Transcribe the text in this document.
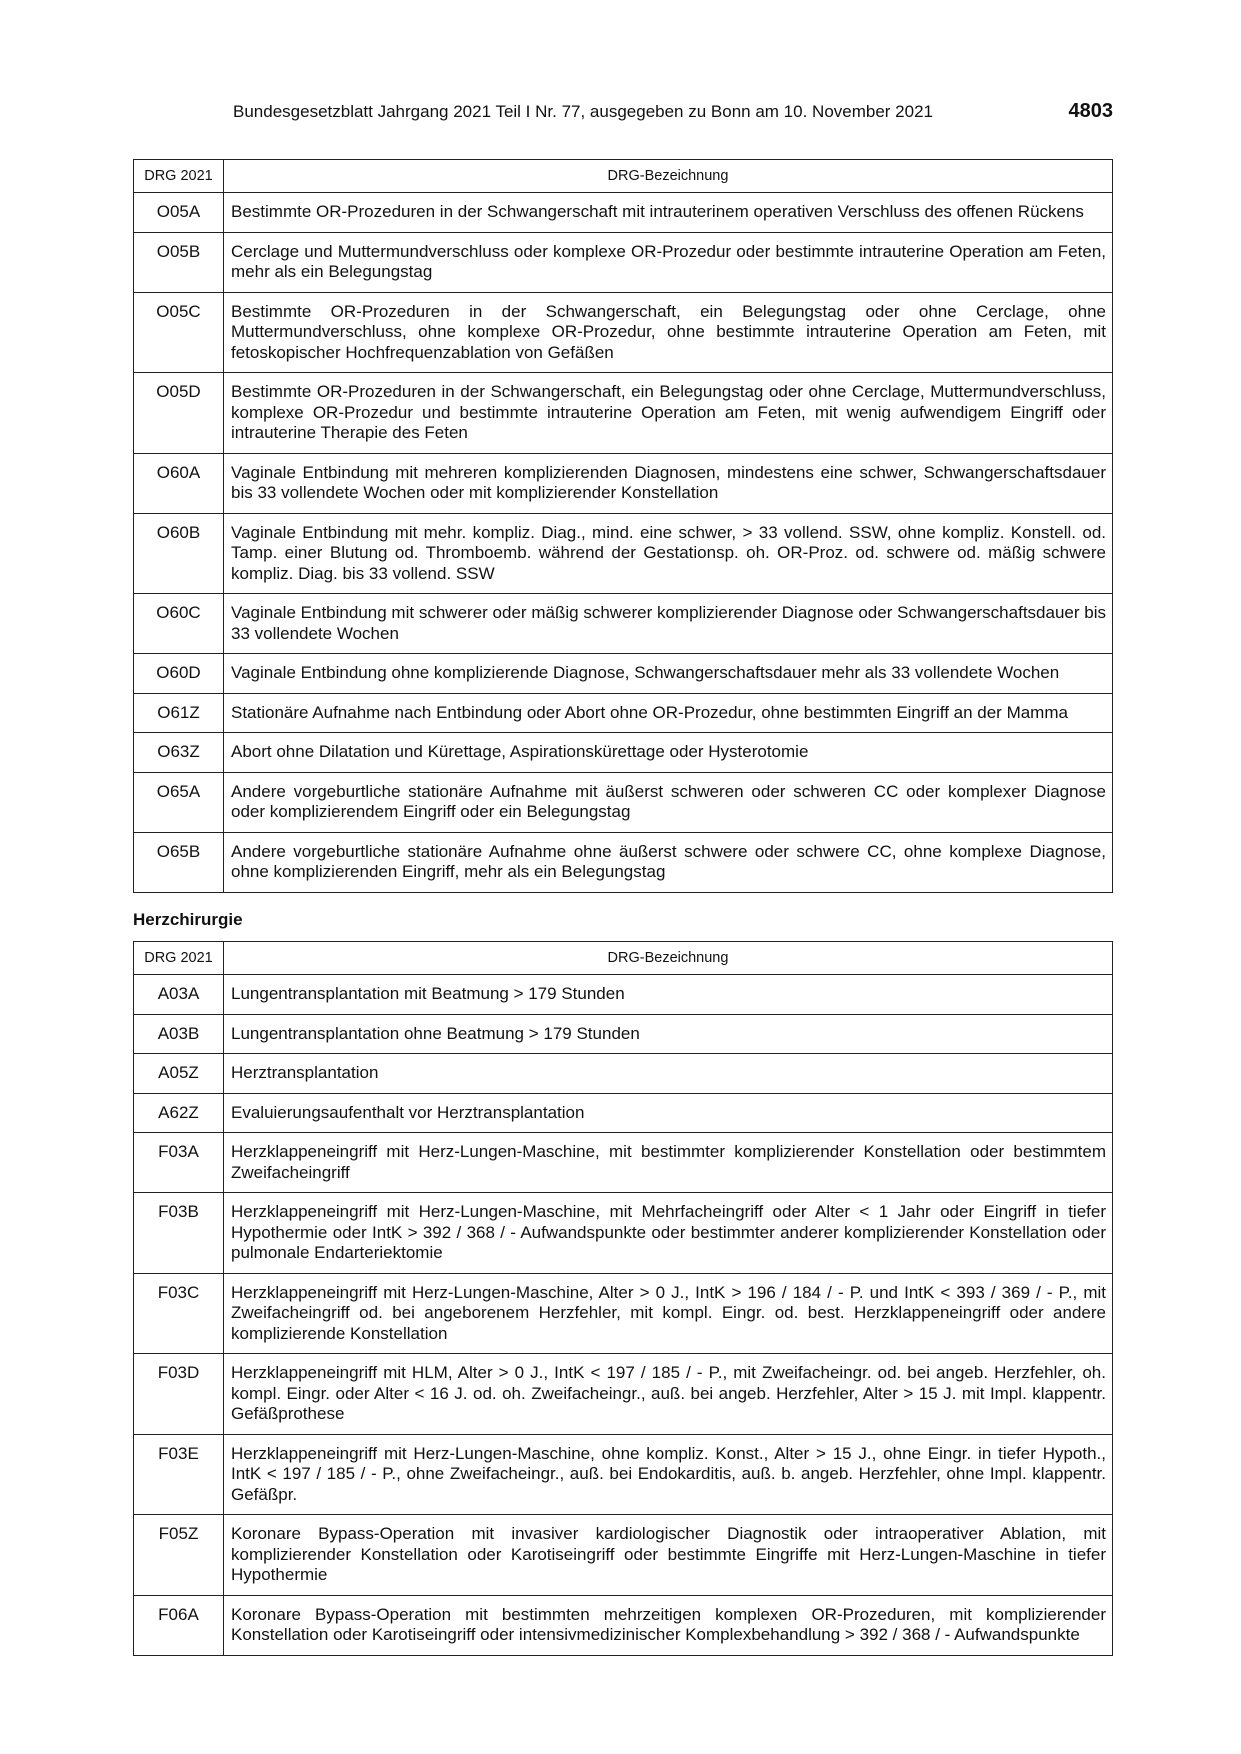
Bundesgesetzblatt Jahrgang 2021 Teil I Nr. 77, ausgegeben zu Bonn am 10. November 2021	4803
DRG 2021	DRG-Bezeichnung
O05A	Bestimmte OR-Prozeduren in der Schwangerschaft mit intrauterinem operativen Verschluss des offenen Rückens
O05B	Cerclage und Muttermundverschluss oder komplexe OR-Prozedur oder bestimmte intrauterine Operation am Feten, mehr als ein Belegungstag
O05C	Bestimmte OR-Prozeduren in der Schwangerschaft, ein Belegungstag oder ohne Cerclage, ohne Muttermundverschluss, ohne komplexe OR-Prozedur, ohne bestimmte intrauterine Operation am Feten, mit fetoskopischer Hochfrequenzablation von Gefäßen
O05D	Bestimmte OR-Prozeduren in der Schwangerschaft, ein Belegungstag oder ohne Cerclage, Muttermundverschluss, komplexe OR-Prozedur und bestimmte intrauterine Operation am Feten, mit wenig aufwendigem Eingriff oder intrauterine Therapie des Feten
O60A	Vaginale Entbindung mit mehreren komplizierenden Diagnosen, mindestens eine schwer, Schwangerschaftsdauer bis 33 vollendete Wochen oder mit komplizierender Konstellation
O60B	Vaginale Entbindung mit mehr. kompliz. Diag., mind. eine schwer, > 33 vollend. SSW, ohne kompliz. Konstell. od. Tamp. einer Blutung od. Thromboemb. während der Gestationsp. oh. OR-Proz. od. schwere od. mäßig schwere kompliz. Diag. bis 33 vollend. SSW
O60C	Vaginale Entbindung mit schwerer oder mäßig schwerer komplizierender Diagnose oder Schwangerschaftsdauer bis 33 vollendete Wochen
O60D	Vaginale Entbindung ohne komplizierende Diagnose, Schwangerschaftsdauer mehr als 33 vollendete Wochen
O61Z	Stationäre Aufnahme nach Entbindung oder Abort ohne OR-Prozedur, ohne bestimmten Eingriff an der Mamma
O63Z	Abort ohne Dilatation und Kürettage, Aspirationskürettage oder Hysterotomie
O65A	Andere vorgeburtliche stationäre Aufnahme mit äußerst schweren oder schweren CC oder komplexer Diagnose oder komplizierendem Eingriff oder ein Belegungstag
O65B	Andere vorgeburtliche stationäre Aufnahme ohne äußerst schwere oder schwere CC, ohne komplexe Diagnose, ohne komplizierenden Eingriff, mehr als ein Belegungstag
Herzchirurgie
DRG 2021	DRG-Bezeichnung
A03A	Lungentransplantation mit Beatmung > 179 Stunden
A03B	Lungentransplantation ohne Beatmung > 179 Stunden
A05Z	Herztransplantation
A62Z	Evaluierungsaufenthalt vor Herztransplantation
F03A	Herzklappeneingriff mit Herz-Lungen-Maschine, mit bestimmter komplizierender Konstellation oder bestimmtem Zweifacheingriff
F03B	Herzklappeneingriff mit Herz-Lungen-Maschine, mit Mehrfacheingriff oder Alter < 1 Jahr oder Eingriff in tiefer Hypothermie oder IntK > 392 / 368 / - Aufwandspunkte oder bestimmter anderer komplizierender Konstellation oder pulmonale Endarteriektomie
F03C	Herzklappeneingriff mit Herz-Lungen-Maschine, Alter > 0 J., IntK > 196 / 184 / - P. und IntK < 393 / 369 / - P., mit Zweifacheingriff od. bei angeborenem Herzfehler, mit kompl. Eingr. od. best. Herzklappeneingriff oder andere komplizierende Konstellation
F03D	Herzklappeneingriff mit HLM, Alter > 0 J., IntK < 197 / 185 / - P., mit Zweifacheingr. od. bei angeb. Herzfehler, oh. kompl. Eingr. oder Alter < 16 J. od. oh. Zweifacheingr., auß. bei angeb. Herzfehler, Alter > 15 J. mit Impl. klappentr. Gefäßprothese
F03E	Herzklappeneingriff mit Herz-Lungen-Maschine, ohne kompliz. Konst., Alter > 15 J., ohne Eingr. in tiefer Hypoth., IntK < 197 / 185 / - P., ohne Zweifacheingr., auß. bei Endokarditis, auß. b. angeb. Herzfehler, ohne Impl. klappentr. Gefäßpr.
F05Z	Koronare Bypass-Operation mit invasiver kardiologischer Diagnostik oder intraoperativer Ablation, mit komplizierender Konstellation oder Karotiseingriff oder bestimmte Eingriffe mit Herz-Lungen-Maschine in tiefer Hypothermie
F06A	Koronare Bypass-Operation mit bestimmten mehrzeitigen komplexen OR-Prozeduren, mit komplizierender Konstellation oder Karotiseingriff oder intensivmedizinischer Komplexbehandlung > 392 / 368 / - Aufwandspunkte
